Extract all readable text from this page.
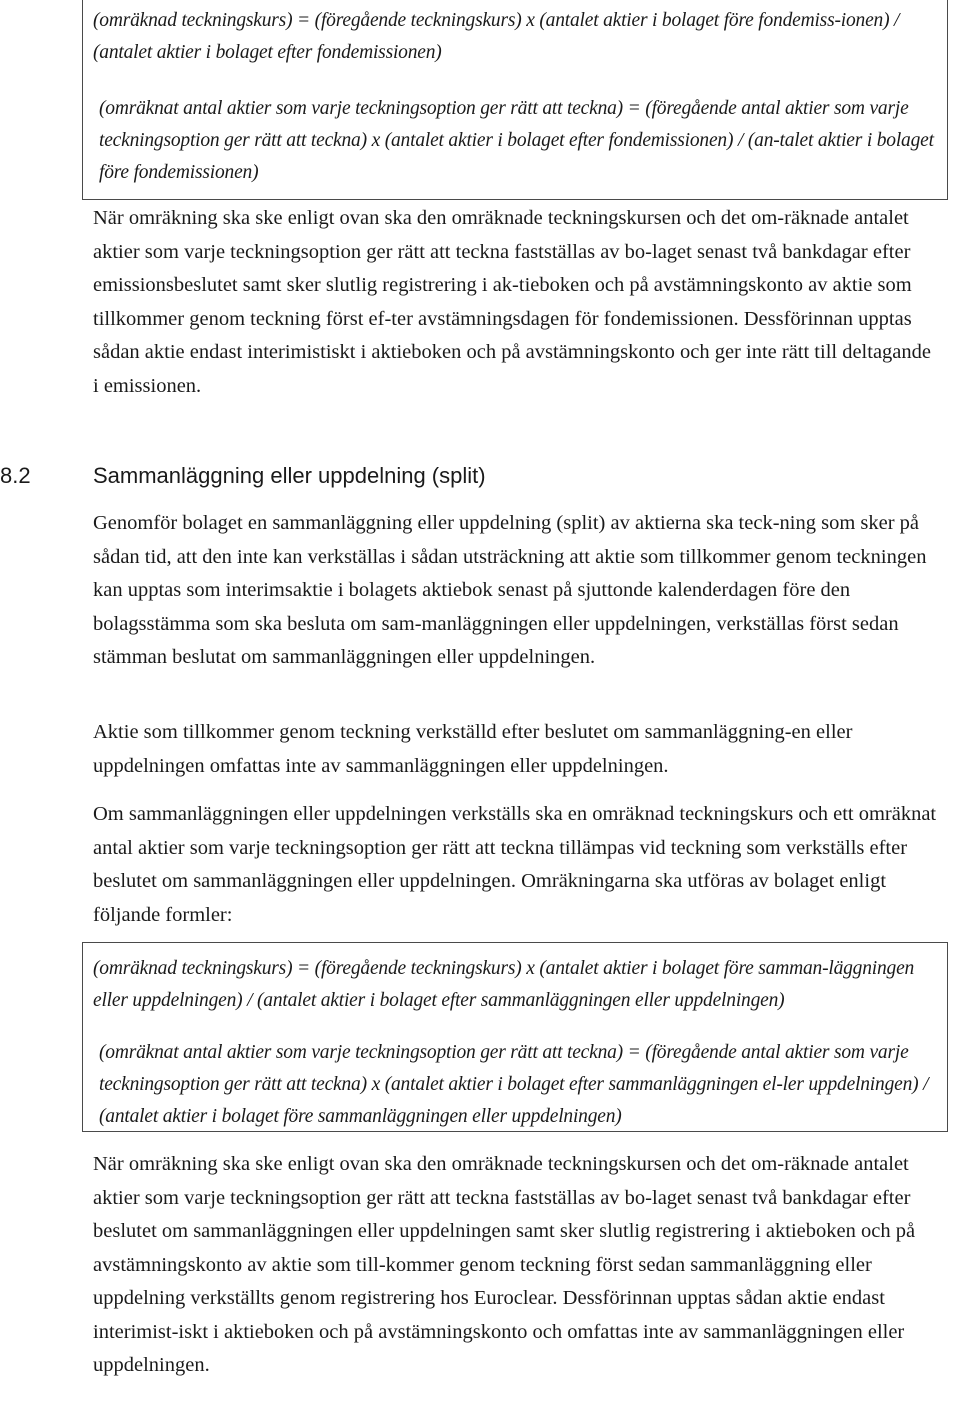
(omräknad teckningskurs) = (föregående teckningskurs) x (antalet aktier i bolaget före fondemiss-ionen) / (antalet aktier i bolaget efter fondemissionen)

(omräknat antal aktier som varje teckningsoption ger rätt att teckna) = (föregående antal aktier som varje teckningsoption ger rätt att teckna) x (antalet aktier i bolaget efter fondemissionen) / (an-talet aktier i bolaget före fondemissionen)

När omräkning ska ske enligt ovan ska den omräknade teckningskursen och det om-räknade antalet aktier som varje teckningsoption ger rätt att teckna fastställas av bo-laget senast två bankdagar efter emissionsbeslutet samt sker slutlig registrering i ak-tieboken och på avstämningskonto av aktie som tillkommer genom teckning först ef-ter avstämningsdagen för fondemissionen. Dessförinnan upptas sådan aktie endast interimistiskt i aktieboken och på avstämningskonto och ger inte rätt till deltagande i emissionen.

8.2	Sammanläggning eller uppdelning (split)

Genomför bolaget en sammanläggning eller uppdelning (split) av aktierna ska teck-ning som sker på sådan tid, att den inte kan verkställas i sådan utsträckning att aktie som tillkommer genom teckningen kan upptas som interimsaktie i bolagets aktiebok senast på sjuttonde kalenderdagen före den bolagsstämma som ska besluta om sam-manläggningen eller uppdelningen, verkställas först sedan stämman beslutat om sammanläggningen eller uppdelningen.

Aktie som tillkommer genom teckning verkställd efter beslutet om sammanläggning-en eller uppdelningen omfattas inte av sammanläggningen eller uppdelningen.

Om sammanläggningen eller uppdelningen verkställs ska en omräknad teckningskurs och ett omräknat antal aktier som varje teckningsoption ger rätt att teckna tillämpas vid teckning som verkställs efter beslutet om sammanläggningen eller uppdelningen. Omräkningarna ska utföras av bolaget enligt följande formler:

(omräknad teckningskurs) = (föregående teckningskurs) x (antalet aktier i bolaget före samman-läggningen eller uppdelningen) / (antalet aktier i bolaget efter sammanläggningen eller uppdelningen)

(omräknat antal aktier som varje teckningsoption ger rätt att teckna) = (föregående antal aktier som varje teckningsoption ger rätt att teckna) x (antalet aktier i bolaget efter sammanläggningen el-ler uppdelningen) / (antalet aktier i bolaget före sammanläggningen eller uppdelningen)

När omräkning ska ske enligt ovan ska den omräknade teckningskursen och det om-räknade antalet aktier som varje teckningsoption ger rätt att teckna fastställas av bo-laget senast två bankdagar efter beslutet om sammanläggningen eller uppdelningen samt sker slutlig registrering i aktieboken och på avstämningskonto av aktie som till-kommer genom teckning först sedan sammanläggning eller uppdelning verkställts genom registrering hos Euroclear. Dessförinnan upptas sådan aktie endast interimist-iskt i aktieboken och på avstämningskonto och omfattas inte av sammanläggningen eller uppdelningen.
